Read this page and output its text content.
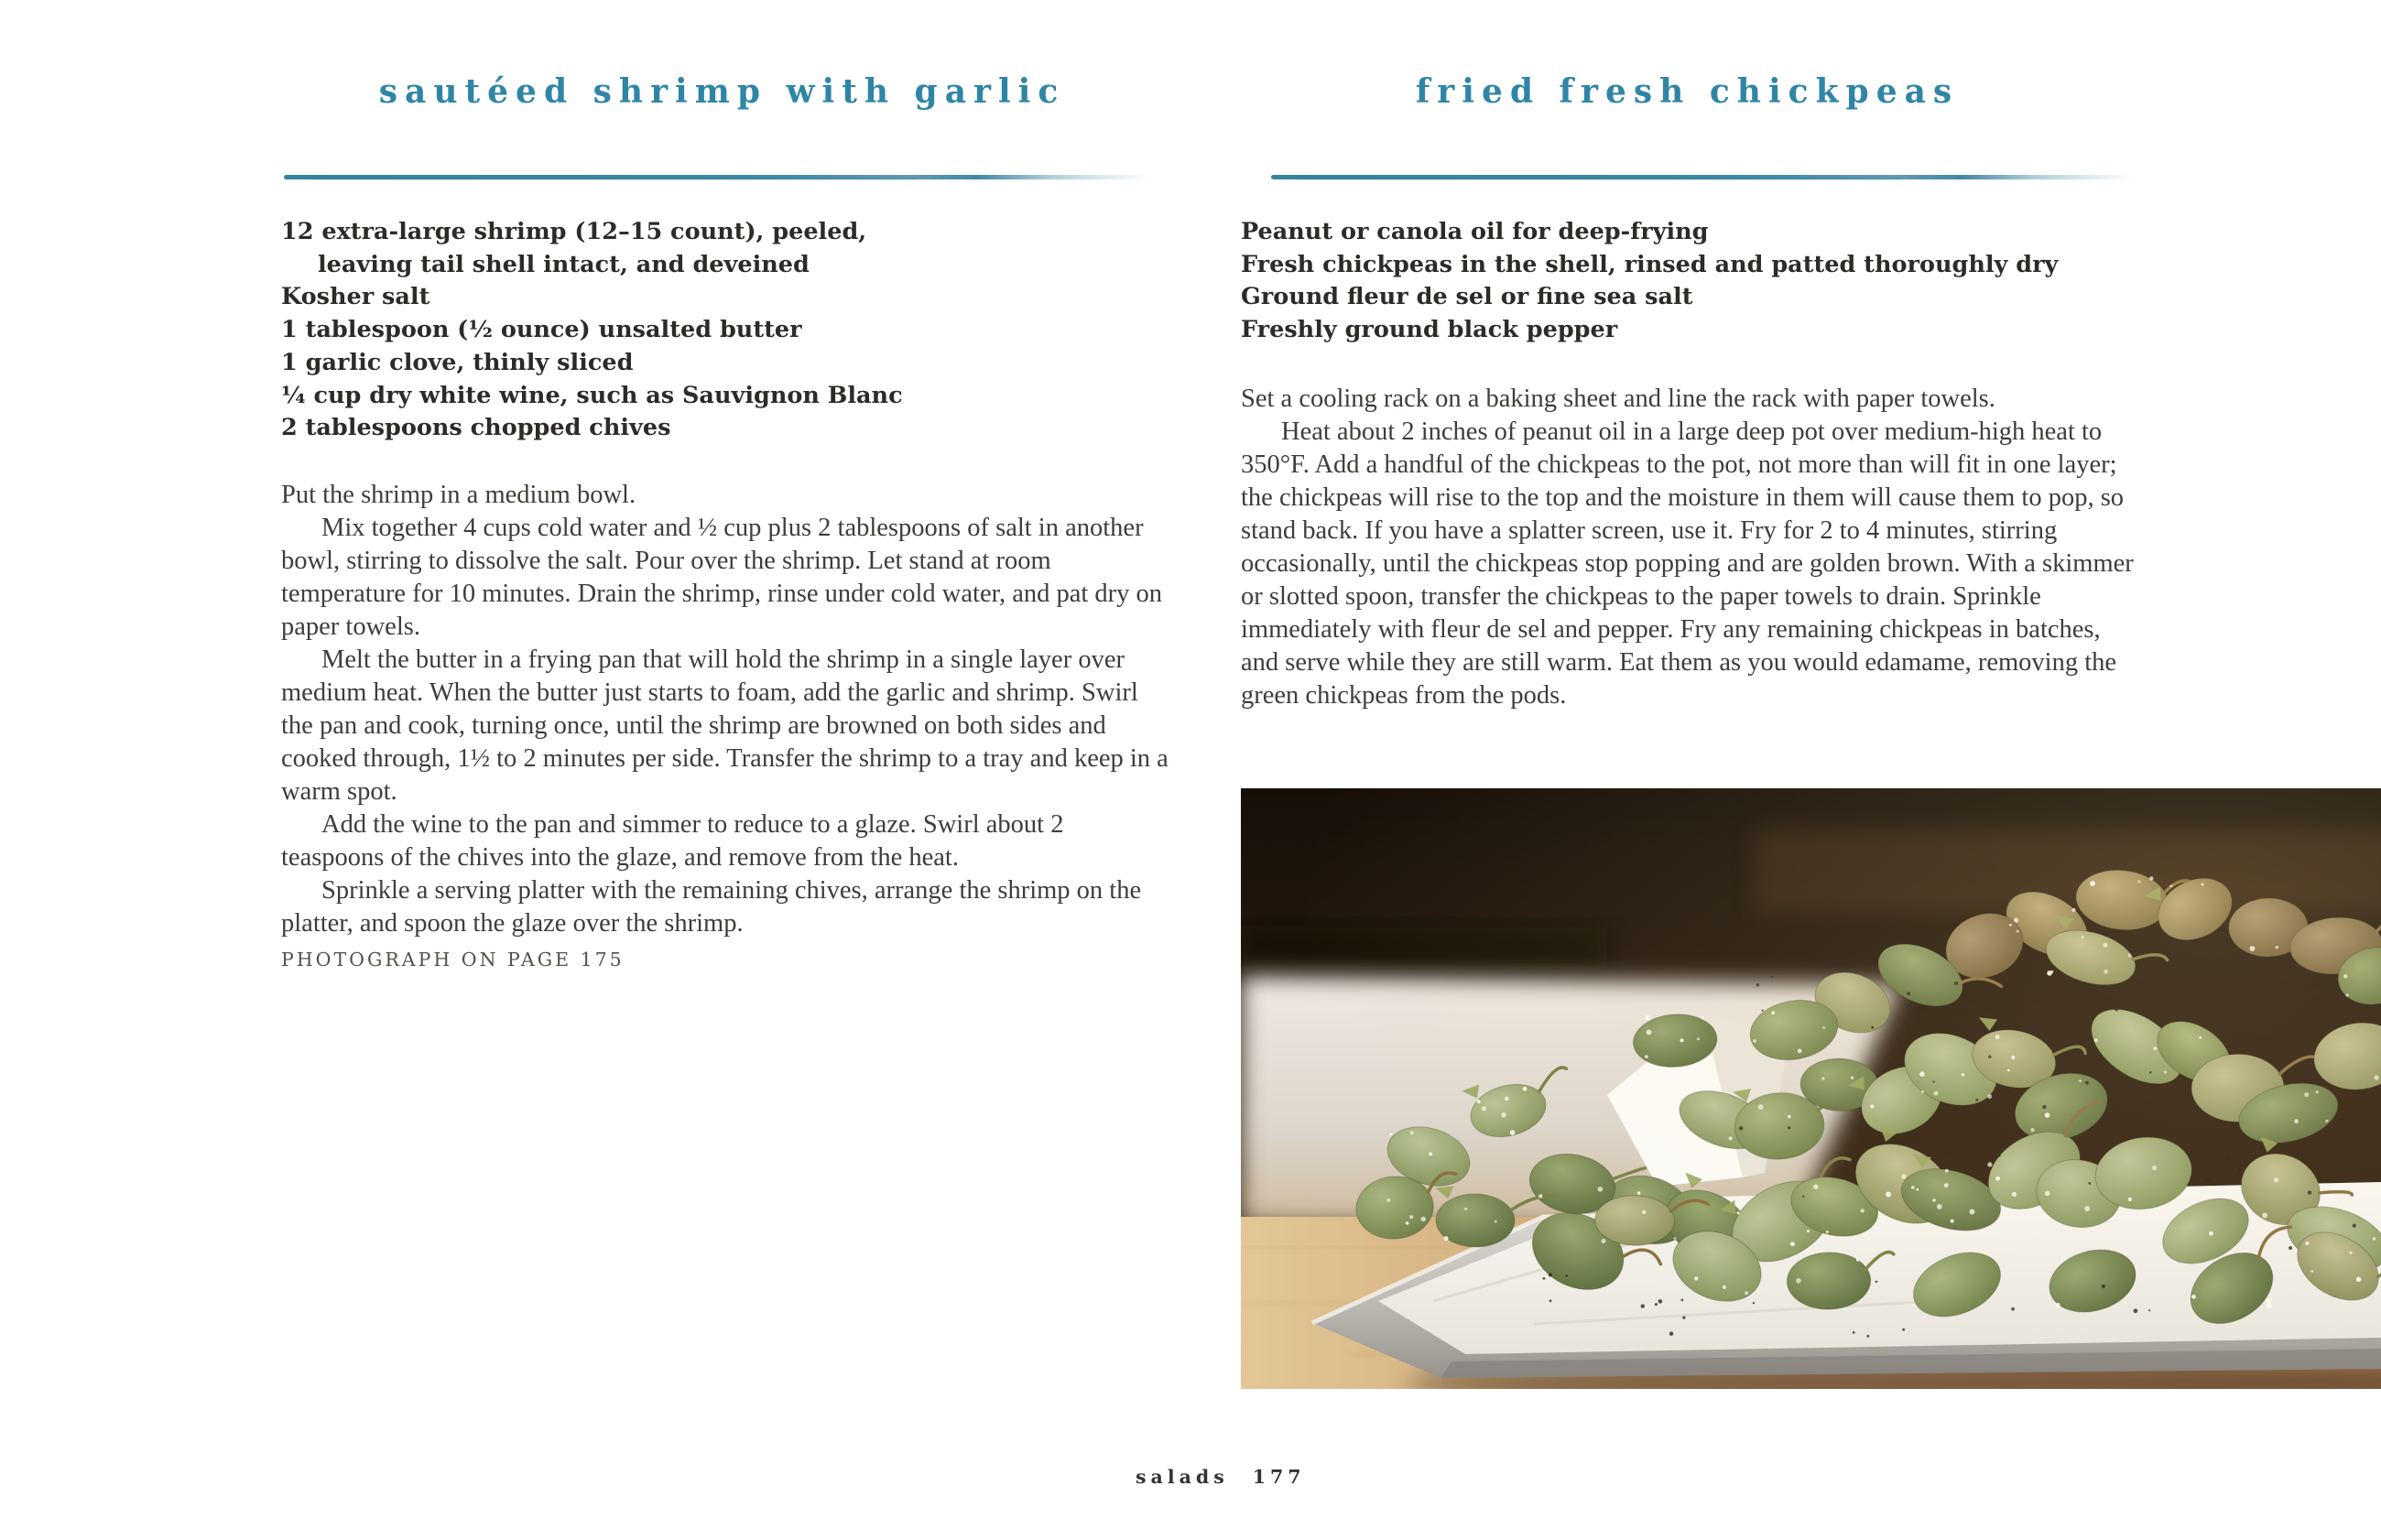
sautéed shrimp with garlic
12 extra-large shrimp (12–15 count), peeled,
leaving tail shell intact, and deveined
Kosher salt
1 tablespoon (½ ounce) unsalted butter
1 garlic clove, thinly sliced
¼ cup dry white wine, such as Sauvignon Blanc
2 tablespoons chopped chives

Put the shrimp in a medium bowl.

Mix together 4 cups cold water and ½ cup plus 2 tablespoons of salt in another bowl, stirring to dissolve the salt. Pour over the shrimp. Let stand at room temperature for 10 minutes. Drain the shrimp, rinse under cold water, and pat dry on paper towels.

Melt the butter in a frying pan that will hold the shrimp in a single layer over medium heat. When the butter just starts to foam, add the garlic and shrimp. Swirl the pan and cook, turning once, until the shrimp are browned on both sides and cooked through, 1½ to 2 minutes per side. Transfer the shrimp to a tray and keep in a warm spot.

Add the wine to the pan and simmer to reduce to a glaze. Swirl about 2 teaspoons of the chives into the glaze, and remove from the heat.

Sprinkle a serving platter with the remaining chives, arrange the shrimp on the platter, and spoon the glaze over the shrimp.

PHOTOGRAPH ON PAGE 175
fried fresh chickpeas
Peanut or canola oil for deep-frying
Fresh chickpeas in the shell, rinsed and patted thoroughly dry
Ground fleur de sel or fine sea salt
Freshly ground black pepper

Set a cooling rack on a baking sheet and line the rack with paper towels.

Heat about 2 inches of peanut oil in a large deep pot over medium-high heat to 350°F. Add a handful of the chickpeas to the pot, not more than will fit in one layer; the chickpeas will rise to the top and the moisture in them will cause them to pop, so stand back. If you have a splatter screen, use it. Fry for 2 to 4 minutes, stirring occasionally, until the chickpeas stop popping and are golden brown. With a skimmer or slotted spoon, transfer the chickpeas to the paper towels to drain. Sprinkle immediately with fleur de sel and pepper. Fry any remaining chickpeas in batches, and serve while they are still warm. Eat them as you would edamame, removing the green chickpeas from the pods.

salads 177
